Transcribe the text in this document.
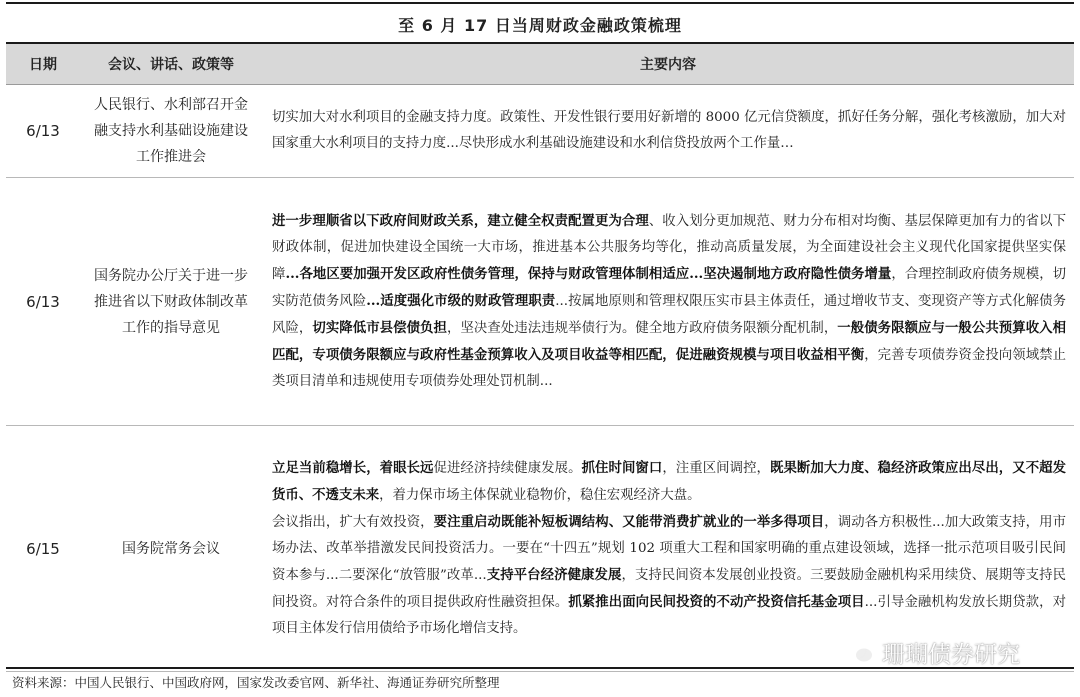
至 6 月 17 日当周财政金融政策梳理
日期	会议、讲话、政策等	主要内容
6/13	人民银行、水利部召开金融支持水利基础设施建设工作推进会	切实加大对水利项目的金融支持力度。政策性、开发性银行要用好新增的 8000 亿元信贷额度，抓好任务分解，强化考核激励，加大对国家重大水利项目的支持力度...尽快形成水利基础设施建设和水利信贷投放两个工作量…
6/13	国务院办公厅关于进一步推进省以下财政体制改革工作的指导意见	进一步理顺省以下政府间财政关系，建立健全权责配置更为合理、收入划分更加规范、财力分布相对均衡、基层保障更加有力的省以下财政体制，促进加快建设全国统一大市场，推进基本公共服务均等化，推动高质量发展，为全面建设社会主义现代化国家提供坚实保障...各地区要加强开发区政府性债务管理，保持与财政管理体制相适应...坚决遏制地方政府隐性债务增量，合理控制政府债务规模，切实防范债务风险...适度强化市级的财政管理职责...按属地原则和管理权限压实市县主体责任，通过增收节支、变现资产等方式化解债务风险，切实降低市县偿债负担，坚决查处违法违规举债行为。健全地方政府债务限额分配机制，一般债务限额应与一般公共预算收入相匹配，专项债务限额应与政府性基金预算收入及项目收益等相匹配，促进融资规模与项目收益相平衡，完善专项债券资金投向领域禁止类项目清单和违规使用专项债券处理处罚机制...
6/15	国务院常务会议	立足当前稳增长，着眼长远促进经济持续健康发展。抓住时间窗口，注重区间调控，既果断加大力度、稳经济政策应出尽出，又不超发货币、不透支未来，着力保市场主体保就业稳物价，稳住宏观经济大盘。
会议指出，扩大有效投资，要注重启动既能补短板调结构、又能带消费扩就业的一举多得项目，调动各方积极性...加大政策支持，用市场办法、改革举措激发民间投资活力。一要在“十四五”规划 102 项重大工程和国家明确的重点建设领域，选择一批示范项目吸引民间资本参与...二要深化“放管服”改革...支持平台经济健康发展，支持民间资本发展创业投资。三要鼓励金融机构采用续贷、展期等支持民间投资。对符合条件的项目提供政府性融资担保。抓紧推出面向民间投资的不动产投资信托基金项目...引导金融机构发放长期贷款，对项目主体发行信用债给予市场化增信支持。
珊瑚债券研究
资料来源：中国人民银行、中国政府网，国家发改委官网、新华社、海通证券研究所整理
